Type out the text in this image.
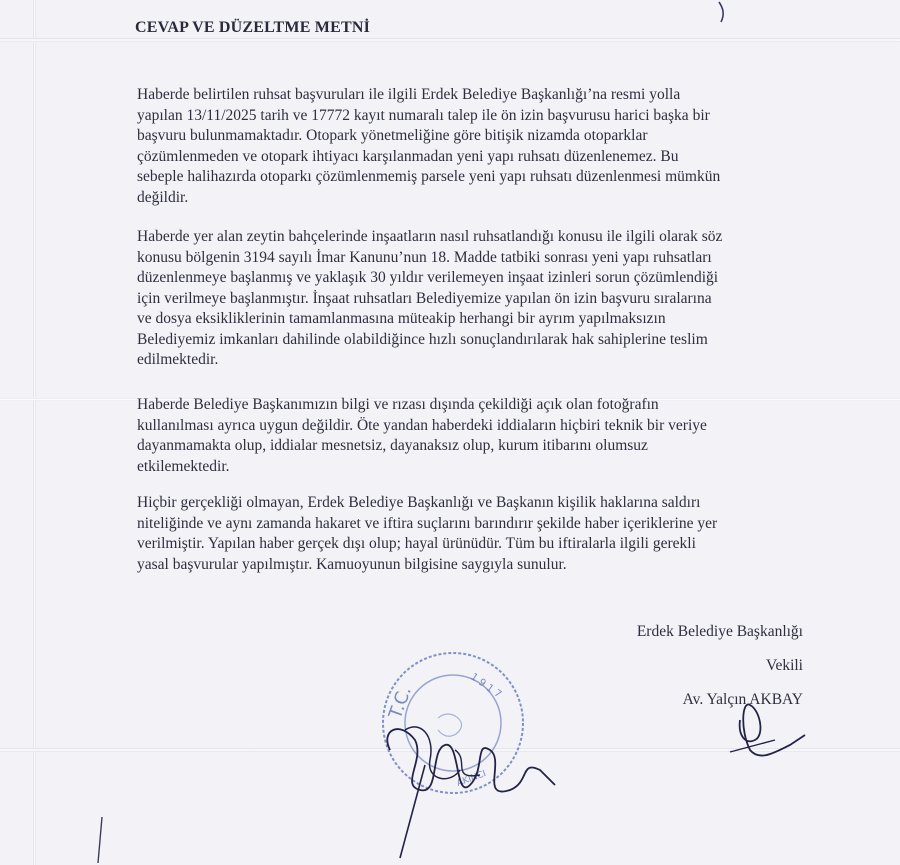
CEVAP VE DÜZELTME METNİ

Haberde belirtilen ruhsat başvuruları ile ilgili Erdek Belediye Başkanlığı’na resmi yolla
yapılan 13/11/2025 tarih ve 17772 kayıt numaralı talep ile ön izin başvurusu harici başka bir
başvuru bulunmamaktadır. Otopark yönetmeliğine göre bitişik nizamda otoparklar
çözümlenmeden ve otopark ihtiyacı karşılanmadan yeni yapı ruhsatı düzenlenemez. Bu
sebeple halihazırda otoparkı çözümlenmemiş parsele yeni yapı ruhsatı düzenlenmesi mümkün
değildir.

Haberde yer alan zeytin bahçelerinde inşaatların nasıl ruhsatlandığı konusu ile ilgili olarak söz
konusu bölgenin 3194 sayılı İmar Kanunu’nun 18. Madde tatbiki sonrası yeni yapı ruhsatları
düzenlenmeye başlanmış ve yaklaşık 30 yıldır verilemeyen inşaat izinleri sorun çözümlendiği
için verilmeye başlanmıştır. İnşaat ruhsatları Belediyemize yapılan ön izin başvuru sıralarına
ve dosya eksikliklerinin tamamlanmasına müteakip herhangi bir ayrım yapılmaksızın
Belediyemiz imkanları dahilinde olabildiğince hızlı sonuçlandırılarak hak sahiplerine teslim
edilmektedir.

Haberde Belediye Başkanımızın bilgi ve rızası dışında çekildiği açık olan fotoğrafın
kullanılması ayrıca uygun değildir. Öte yandan haberdeki iddiaların hiçbiri teknik bir veriye
dayanmamakta olup, iddialar mesnetsiz, dayanaksız olup, kurum itibarını olumsuz
etkilemektedir.

Hiçbir gerçekliği olmayan, Erdek Belediye Başkanlığı ve Başkanın kişilik haklarına saldırı
niteliğinde ve aynı zamanda hakaret ve iftira suçlarını barındırır şekilde haber içeriklerine yer
verilmiştir. Yapılan haber gerçek dışı olup; hayal ürünüdür. Tüm bu iftiralarla ilgili gerekli
yasal başvurular yapılmıştır. Kamuoyunun bilgisine saygıyla sunulur.

Erdek Belediye Başkanlığı
Vekili
Av. Yalçın AKBAY
1 9 1 7
T.C.
AKINCI
